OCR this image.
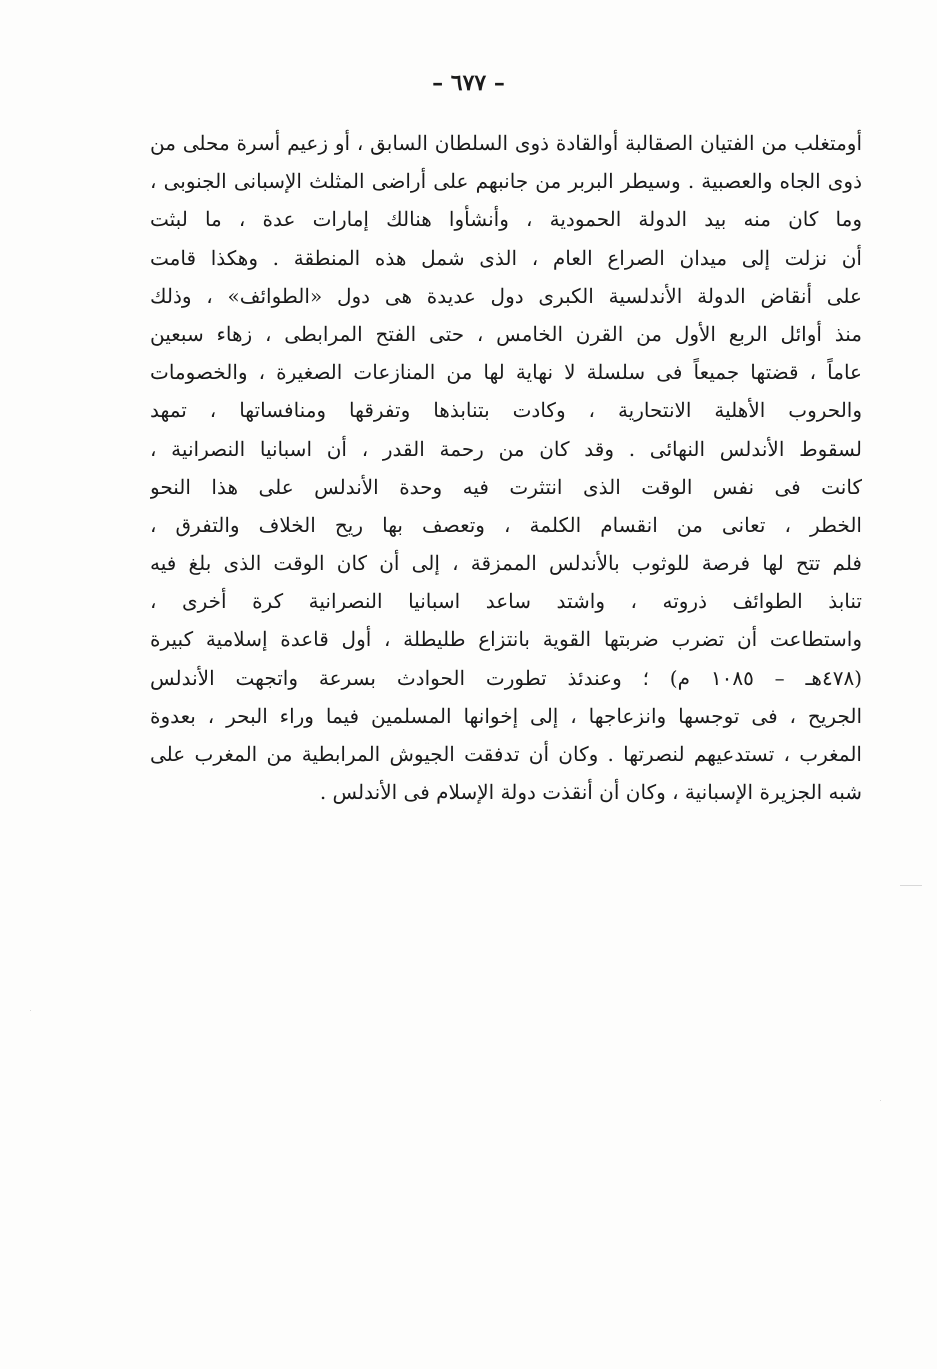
– ٦٧٧ –
أومتغلب من الفتيان الصقالبة أوالقادة ذوى السلطان السابق ، أو زعيم أسرة محلى من
ذوى الجاه والعصبية . وسيطر البربر من جانبهم على أراضى المثلث الإسبانى الجنوبى ،
وما كان منه بيد الدولة الحمودية ، وأنشأوا هنالك إمارات عدة ، ما لبثت
أن نزلت إلى ميدان الصراع العام ، الذى شمل هذه المنطقة . وهكذا قامت
على أنقاض الدولة الأندلسية الكبرى دول عديدة هى دول «الطوائف» ، وذلك
منذ أوائل الربع الأول من القرن الخامس ، حتى الفتح المرابطى ، زهاء سبعين
عاماً ، قضتها جميعاً فى سلسلة لا نهاية لها من المنازعات الصغيرة ، والخصومات
والحروب الأهلية الانتحارية ، وكادت بتنابذها وتفرقها ومنافساتها ، تمهد
لسقوط الأندلس النهائى . وقد كان من رحمة القدر ، أن اسبانيا النصرانية ،
كانت فى نفس الوقت الذى انتثرت فيه وحدة الأندلس على هذا النحو
الخطر ، تعانى من انقسام الكلمة ، وتعصف بها ريح الخلاف والتفرق ،
فلم تتح لها فرصة للوثوب بالأندلس الممزقة ، إلى أن كان الوقت الذى بلغ فيه
تنابذ الطوائف ذروته ، واشتد ساعد اسبانيا النصرانية كرة أخرى ،
واستطاعت أن تضرب ضربتها القوية بانتزاع طليطلة ، أول قاعدة إسلامية كبيرة
(٤٧٨هـ – ١٠٨٥ م) ؛ وعندئذ تطورت الحوادث بسرعة واتجهت الأندلس
الجريح ، فى توجسها وانزعاجها ، إلى إخوانها المسلمين فيما وراء البحر ، بعدوة
المغرب ، تستدعيهم لنصرتها . وكان أن تدفقت الجيوش المرابطية من المغرب على
شبه الجزيرة الإسبانية ، وكان أن أنقذت دولة الإسلام فى الأندلس .
